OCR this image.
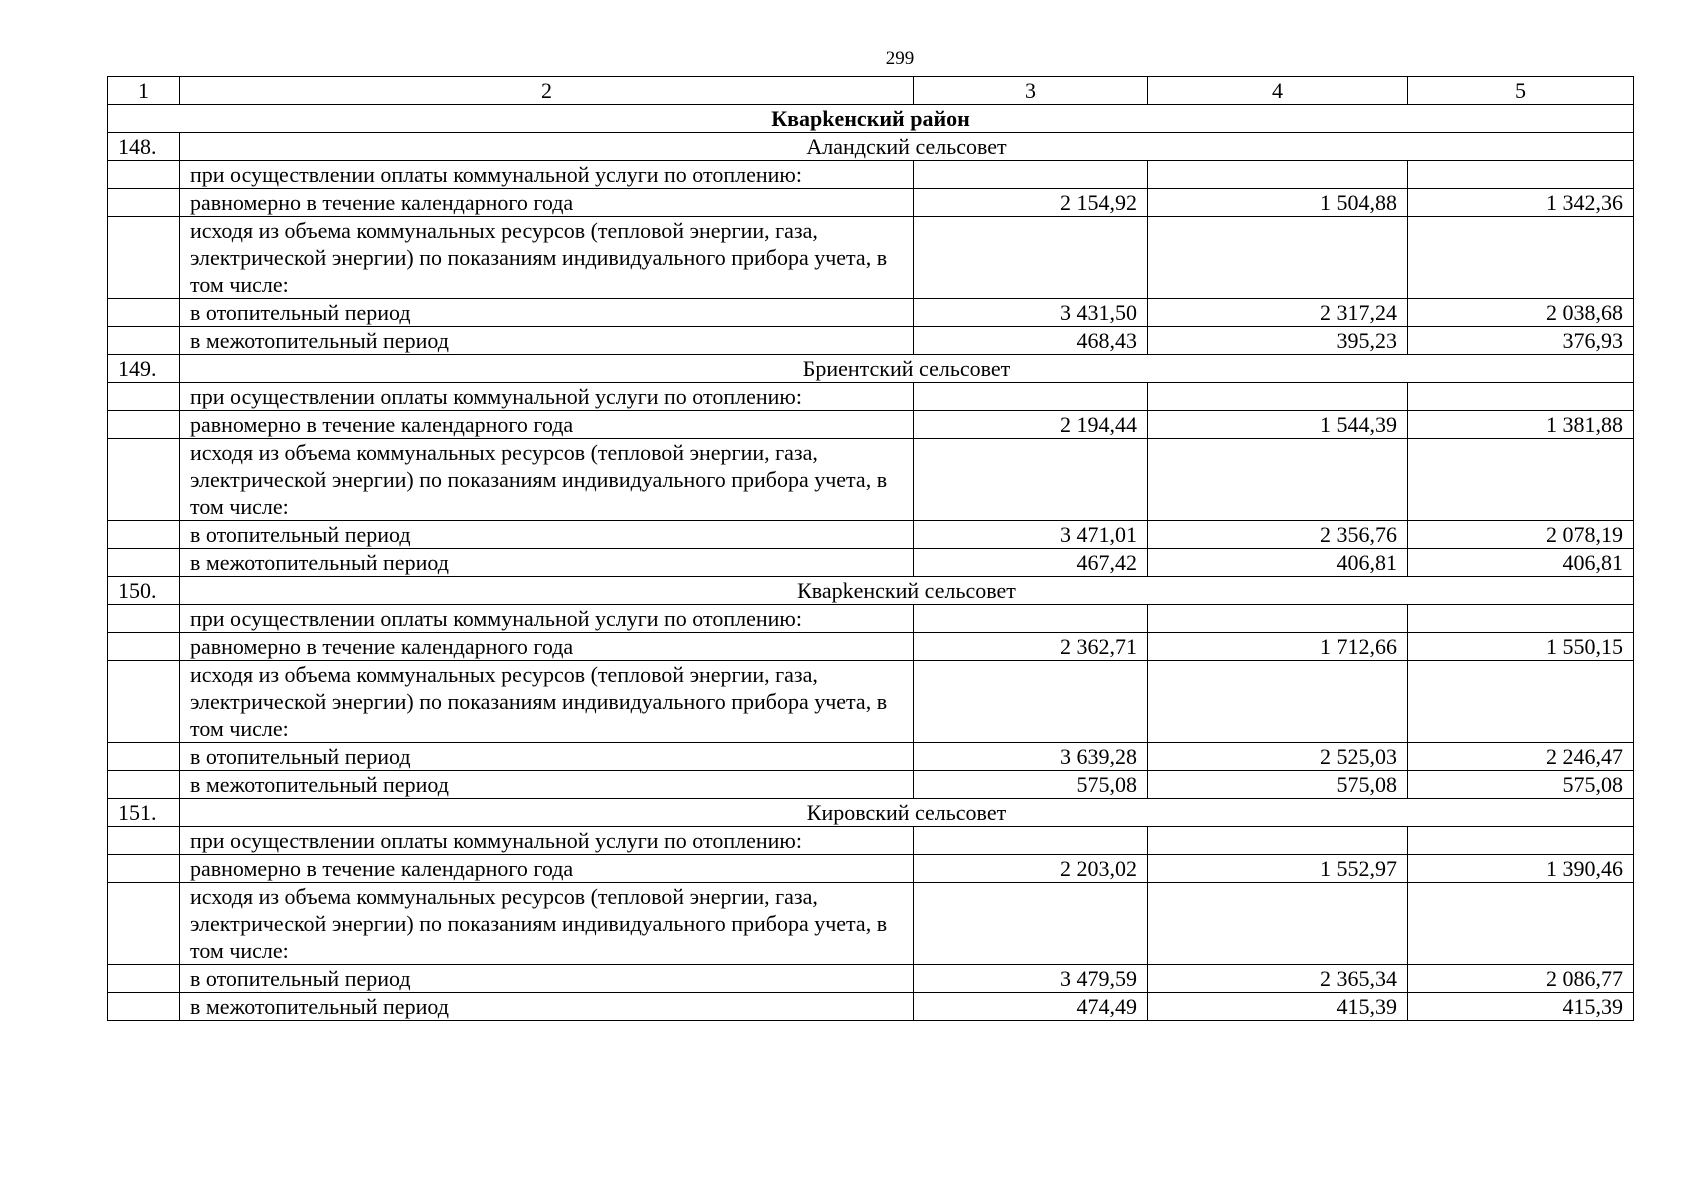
299
1	2	3	4	5
Кварkенский район				
148.	Аландский сельсовет			
	при осуществлении оплаты коммунальной услуги по отоплению:			
	равномерно в течение календарного года	2 154,92	1 504,88	1 342,36
	исходя из объема коммунальных ресурсов (тепловой энергии, газа, электрической энергии) по показаниям индивидуального прибора учета, в том числе:			
	в отопительный период	3 431,50	2 317,24	2 038,68
	в межотопительный период	468,43	395,23	376,93
149.	Бриентский сельсовет			
	при осуществлении оплаты коммунальной услуги по отоплению:			
	равномерно в течение календарного года	2 194,44	1 544,39	1 381,88
	исходя из объема коммунальных ресурсов (тепловой энергии, газа, электрической энергии) по показаниям индивидуального прибора учета, в том числе:			
	в отопительный период	3 471,01	2 356,76	2 078,19
	в межотопительный период	467,42	406,81	406,81
150.	Кварkенский сельсовет			
	при осуществлении оплаты коммунальной услуги по отоплению:			
	равномерно в течение календарного года	2 362,71	1 712,66	1 550,15
	исходя из объема коммунальных ресурсов (тепловой энергии, газа, электрической энергии) по показаниям индивидуального прибора учета, в том числе:			
	в отопительный период	3 639,28	2 525,03	2 246,47
	в межотопительный период	575,08	575,08	575,08
151.	Кировский сельсовет			
	при осуществлении оплаты коммунальной услуги по отоплению:			
	равномерно в течение календарного года	2 203,02	1 552,97	1 390,46
	исходя из объема коммунальных ресурсов (тепловой энергии, газа, электрической энергии) по показаниям индивидуального прибора учета, в том числе:			
	в отопительный период	3 479,59	2 365,34	2 086,77
	в межотопительный период	474,49	415,39	415,39
